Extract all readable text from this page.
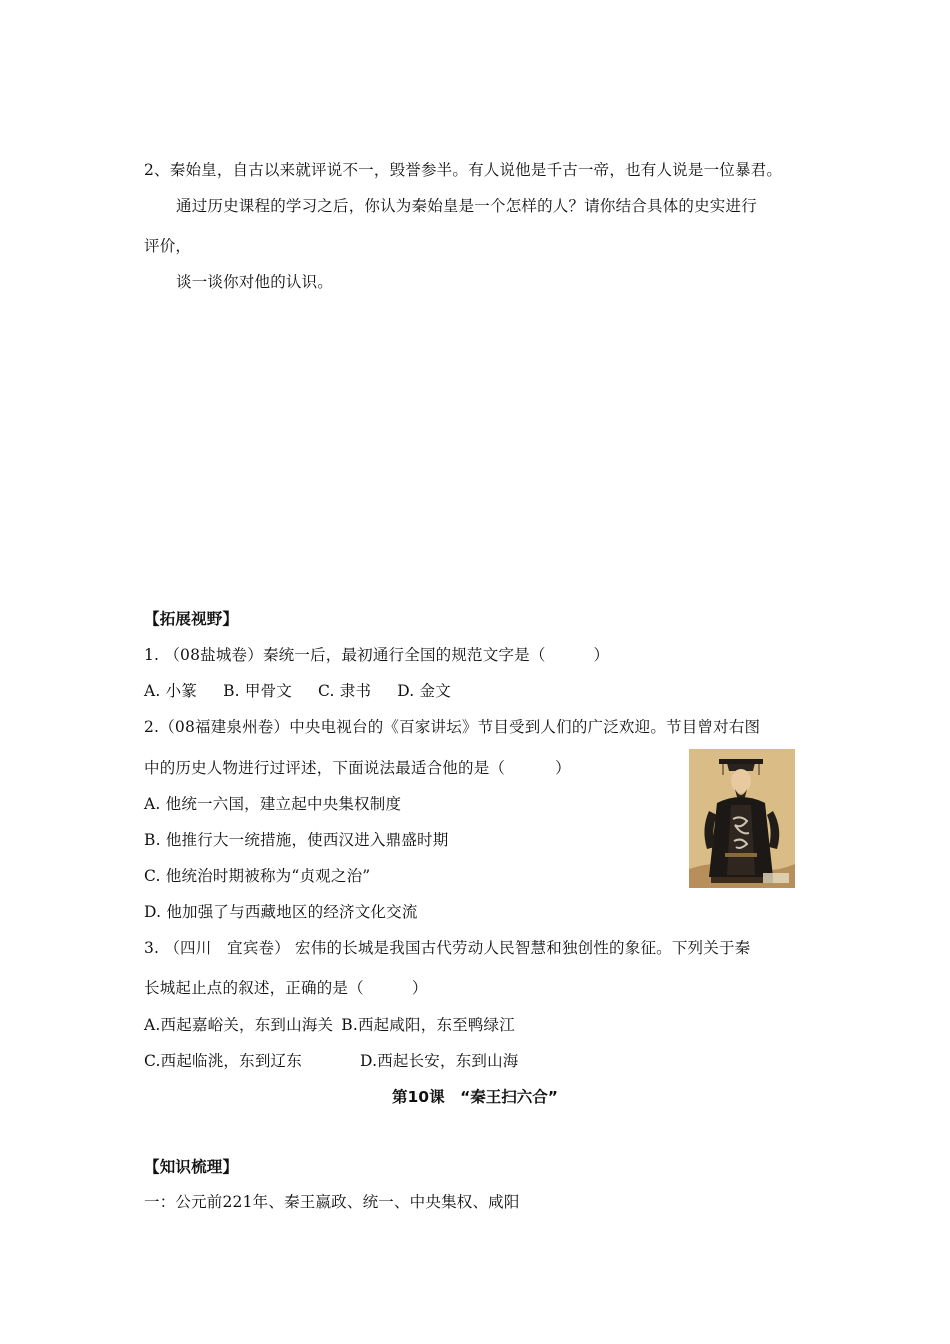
2、秦始皇，自古以来就评说不一，毁誉参半。有人说他是千古一帝，也有人说是一位暴君。
通过历史课程的学习之后，你认为秦始皇是一个怎样的人？请你结合具体的史实进行
评价，
谈一谈你对他的认识。
【拓展视野】
1. （08盐城卷）秦统一后，最初通行全国的规范文字是（	）
A. 小篆 B. 甲骨文 C. 隶书 D. 金文
2.（08福建泉州卷）中央电视台的《百家讲坛》节目受到人们的广泛欢迎。节目曾对右图
中的历史人物进行过评述，下面说法最适合他的是（	）
A. 他统一六国，建立起中央集权制度
B. 他推行大一统措施，使西汉进入鼎盛时期
C. 他统治时期被称为“贞观之治”
D. 他加强了与西藏地区的经济文化交流
3. （四川　宜宾卷） 宏伟的长城是我国古代劳动人民智慧和独创性的象征。下列关于秦
长城起止点的叙述，正确的是（	）
A.西起嘉峪关，东到山海关 B.西起咸阳，东至鸭绿江
C.西起临洮，东到辽东	D.西起长安，东到山海
第10课　“秦王扫六合”
【知识梳理】
一：公元前221年、秦王嬴政、统一、中央集权、咸阳
